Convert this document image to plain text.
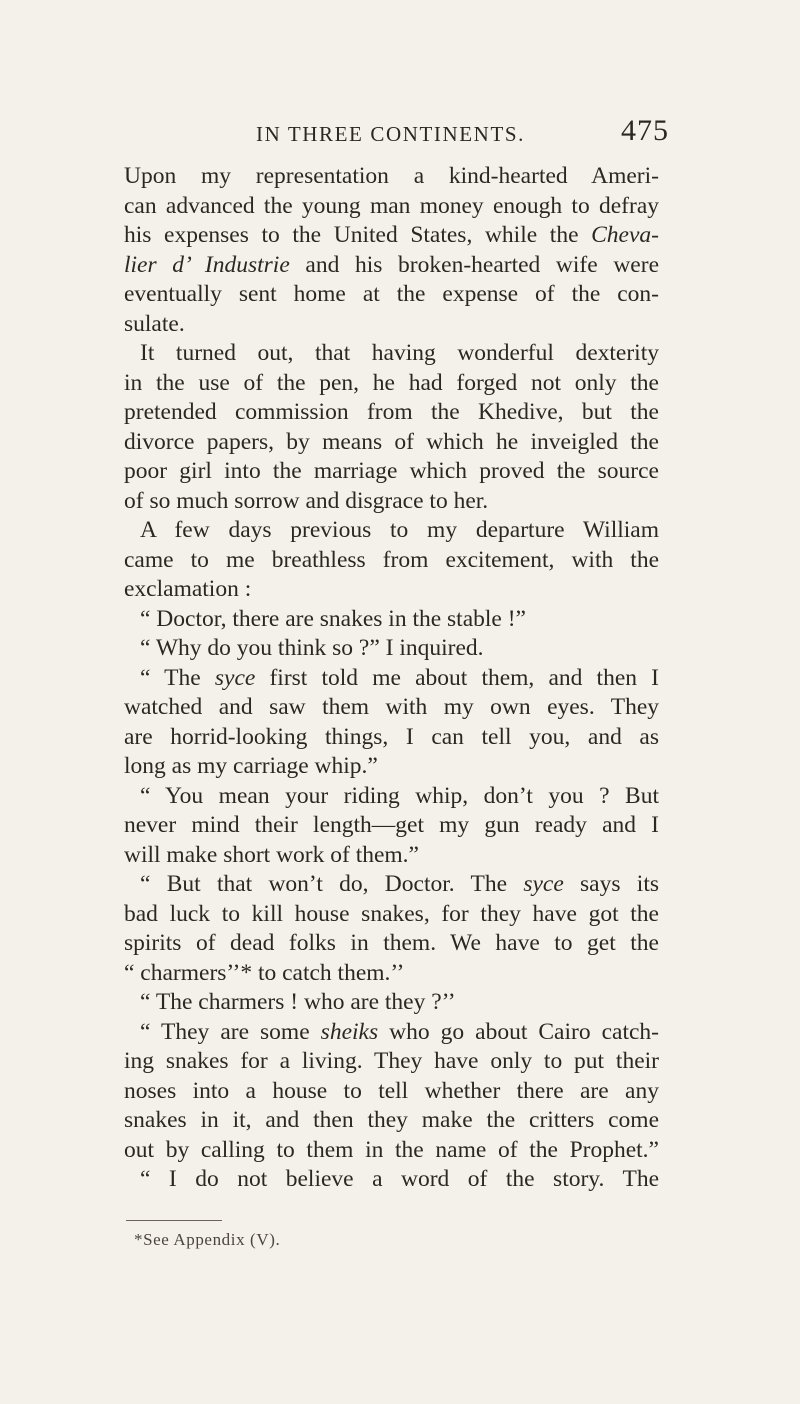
IN THREE CONTINENTS.	475
Upon my representation a kind-hearted Ameri-
can advanced the young man money enough to defray
his expenses to the United States, while the Cheva-
lier d’ Industrie and his broken-hearted wife were
eventually sent home at the expense of the con-
sulate.
It turned out, that having wonderful dexterity
in the use of the pen, he had forged not only the
pretended commission from the Khedive, but the
divorce papers, by means of which he inveigled the
poor girl into the marriage which proved the source
of so much sorrow and disgrace to her.
A few days previous to my departure William
came to me breathless from excitement, with the
exclamation :
“ Doctor, there are snakes in the stable !”
“ Why do you think so ?” I inquired.
“ The syce first told me about them, and then I
watched and saw them with my own eyes. They
are horrid-looking things, I can tell you, and as
long as my carriage whip.”
“ You mean your riding whip, don’t you ? But
never mind their length—get my gun ready and I
will make short work of them.”
“ But that won’t do, Doctor. The syce says its
bad luck to kill house snakes, for they have got the
spirits of dead folks in them. We have to get the
“ charmers’’* to catch them.’’
“ The charmers ! who are they ?’’
“ They are some sheiks who go about Cairo catch-
ing snakes for a living. They have only to put their
noses into a house to tell whether there are any
snakes in it, and then they make the critters come
out by calling to them in the name of the Prophet.”
“ I do not believe a word of the story. The
*See Appendix (V).
